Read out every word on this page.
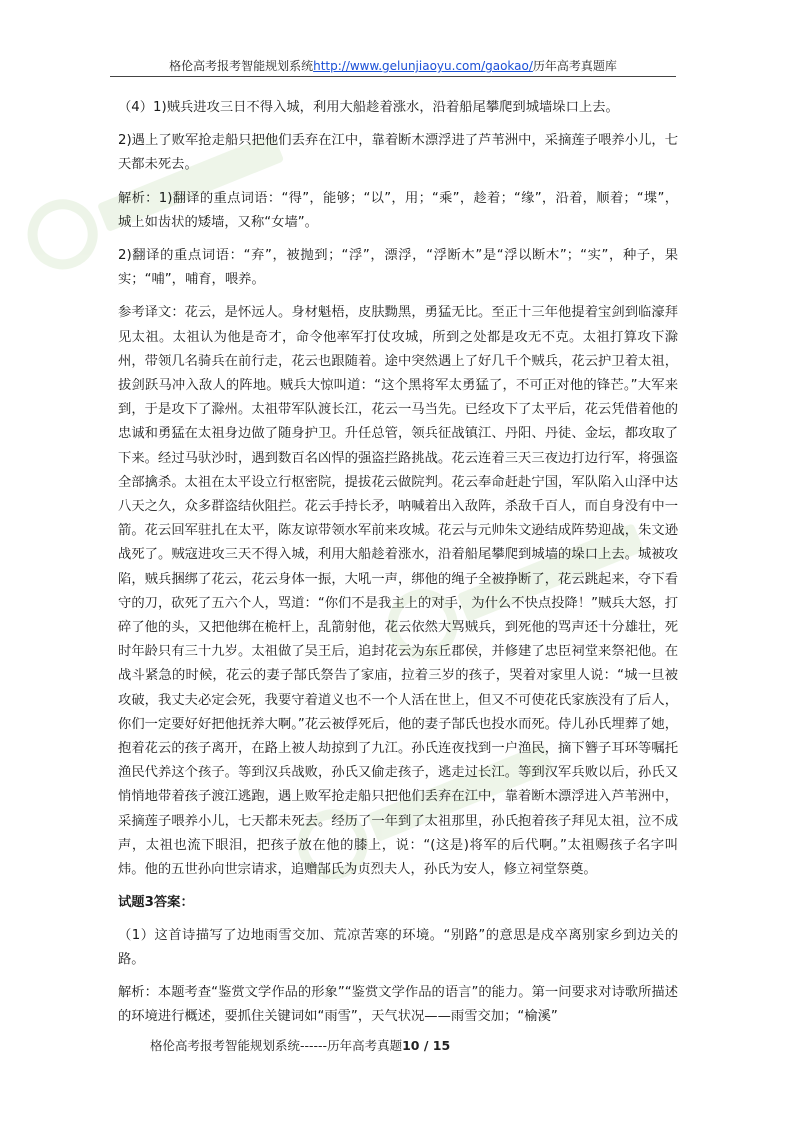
格伦高考报考智能规划系统http://www.gelunjiaoyu.com/gaokao/历年高考真题库

（4）1)贼兵进攻三日不得入城，利用大船趁着涨水，沿着船尾攀爬到城墙垛口上去。

2)遇上了败军抢走船只把他们丢弃在江中，靠着断木漂浮进了芦苇洲中，采摘莲子喂养小儿，七天都未死去。

解析：1)翻译的重点词语：“得”，能够；“以”，用；“乘”，趁着；“缘”，沿着，顺着；“堞”，城上如齿状的矮墙，又称“女墙”。

2)翻译的重点词语：“弃”，被抛到；“浮”，漂浮，“浮断木”是“浮以断木”；“实”，种子，果实；“哺”，哺育，喂养。

参考译文：花云，是怀远人。身材魁梧，皮肤黝黑，勇猛无比。至正十三年他提着宝剑到临濠拜见太祖。太祖认为他是奇才，命令他率军打仗攻城，所到之处都是攻无不克。太祖打算攻下滁州，带领几名骑兵在前行走，花云也跟随着。途中突然遇上了好几千个贼兵，花云护卫着太祖，拔剑跃马冲入敌人的阵地。贼兵大惊叫道：“这个黑将军太勇猛了，不可正对他的锋芒。”大军来到，于是攻下了滁州。太祖带军队渡长江，花云一马当先。已经攻下了太平后，花云凭借着他的忠诚和勇猛在太祖身边做了随身护卫。升任总管，领兵征战镇江、丹阳、丹徒、金坛，都攻取了下来。经过马驮沙时，遇到数百名凶悍的强盗拦路挑战。花云连着三天三夜边打边行军，将强盗全部擒杀。太祖在太平设立行枢密院，提拔花云做院判。花云奉命赶赴宁国，军队陷入山泽中达八天之久，众多群盗结伙阻拦。花云手持长矛，呐喊着出入敌阵，杀敌千百人，而自身没有中一箭。花云回军驻扎在太平，陈友谅带领水军前来攻城。花云与元帅朱文逊结成阵势迎战，朱文逊战死了。贼寇进攻三天不得入城，利用大船趁着涨水，沿着船尾攀爬到城墙的垛口上去。城被攻陷，贼兵捆绑了花云，花云身体一振，大吼一声，绑他的绳子全被挣断了，花云跳起来，夺下看守的刀，砍死了五六个人，骂道：“你们不是我主上的对手，为什么不快点投降！”贼兵大怒，打碎了他的头，又把他绑在桅杆上，乱箭射他，花云依然大骂贼兵，到死他的骂声还十分雄壮，死时年龄只有三十九岁。太祖做了吴王后，追封花云为东丘郡侯，并修建了忠臣祠堂来祭祀他。在战斗紧急的时候，花云的妻子郜氏祭告了家庙，拉着三岁的孩子，哭着对家里人说：“城一旦被攻破，我丈夫必定会死，我要守着道义也不一个人活在世上，但又不可使花氏家族没有了后人，你们一定要好好把他抚养大啊。”花云被俘死后，他的妻子郜氏也投水而死。侍儿孙氏埋葬了她，抱着花云的孩子离开，在路上被人劫掠到了九江。孙氏连夜找到一户渔民，摘下簪子耳环等嘱托渔民代养这个孩子。等到汉兵战败，孙氏又偷走孩子，逃走过长江。等到汉军兵败以后，孙氏又悄悄地带着孩子渡江逃跑，遇上败军抢走船只把他们丢弃在江中，靠着断木漂浮进入芦苇洲中，采摘莲子喂养小儿，七天都未死去。经历了一年到了太祖那里，孙氏抱着孩子拜见太祖，泣不成声，太祖也流下眼泪，把孩子放在他的膝上，说：“(这是)将军的后代啊。”太祖赐孩子名字叫炜。他的五世孙向世宗请求，追赠郜氏为贞烈夫人，孙氏为安人，修立祠堂祭奠。

试题3答案：

（1）这首诗描写了边地雨雪交加、荒凉苦寒的环境。“别路”的意思是戍卒离别家乡到边关的路。

解析：本题考查“鉴赏文学作品的形象”“鉴赏文学作品的语言”的能力。第一问要求对诗歌所描述的环境进行概述，要抓住关键词如“雨雪”，天气状况——雨雪交加；“榆溪”

格伦高考报考智能规划系统------历年高考真题10 / 15
